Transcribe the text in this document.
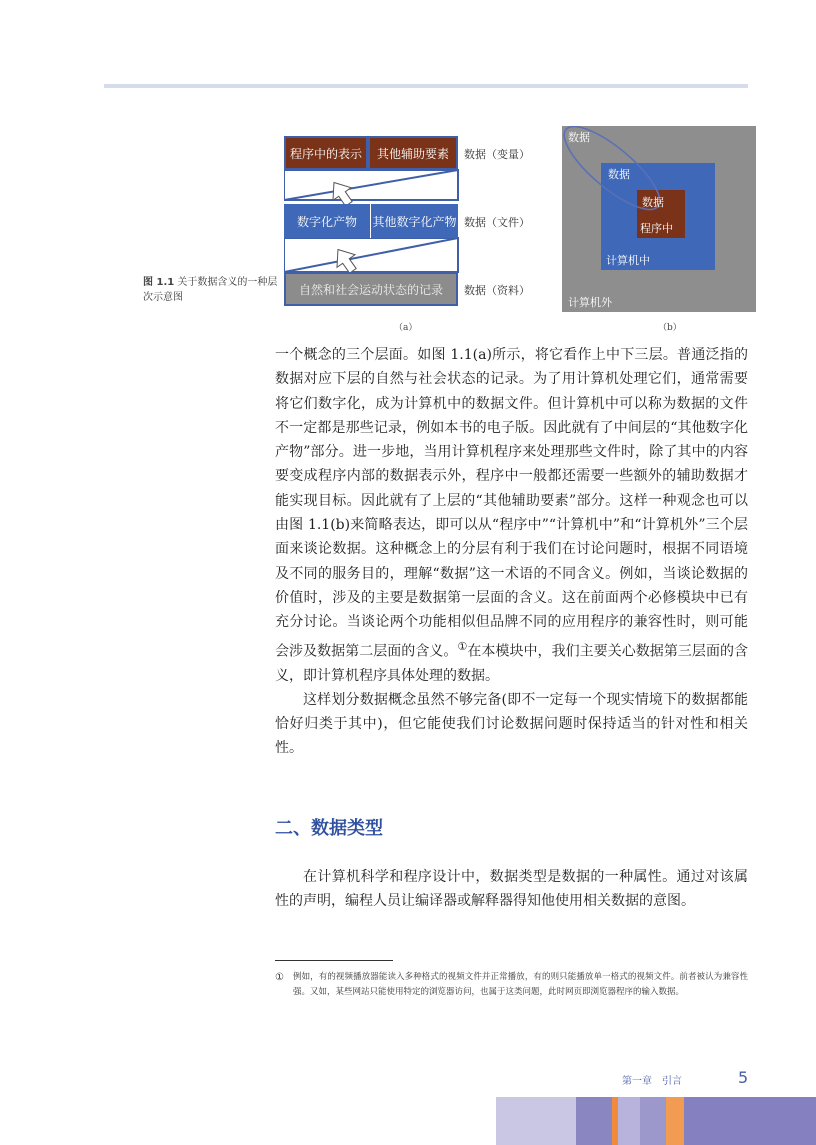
程序中的表示	其他辅助要素
数字化产物	其他数字化产物
自然和社会运动状态的记录
数据（变量）
数据（文件）
数据（资料）
（a）
数据
数据
数据
程序中
计算机中
计算机外
（b）
图 1.1 关于数据含义的一种层次示意图

一个概念的三个层面。如图 1.1(a)所示，将它看作上中下三层。普通泛指的数据对应下层的自然与社会状态的记录。为了用计算机处理它们，通常需要将它们数字化，成为计算机中的数据文件。但计算机中可以称为数据的文件不一定都是那些记录，例如本书的电子版。因此就有了中间层的“其他数字化产物”部分。进一步地，当用计算机程序来处理那些文件时，除了其中的内容要变成程序内部的数据表示外，程序中一般都还需要一些额外的辅助数据才能实现目标。因此就有了上层的“其他辅助要素”部分。这样一种观念也可以由图 1.1(b)来简略表达，即可以从“程序中”“计算机中”和“计算机外”三个层面来谈论数据。这种概念上的分层有利于我们在讨论问题时，根据不同语境及不同的服务目的，理解“数据”这一术语的不同含义。例如，当谈论数据的价值时，涉及的主要是数据第一层面的含义。这在前面两个必修模块中已有充分讨论。当谈论两个功能相似但品牌不同的应用程序的兼容性时，则可能会涉及数据第二层面的含义。①在本模块中，我们主要关心数据第三层面的含义，即计算机程序具体处理的数据。

这样划分数据概念虽然不够完备(即不一定每一个现实情境下的数据都能恰好归类于其中)，但它能使我们讨论数据问题时保持适当的针对性和相关性。

二、数据类型

在计算机科学和程序设计中，数据类型是数据的一种属性。通过对该属性的声明，编程人员让编译器或解释器得知他使用相关数据的意图。

① 例如，有的视频播放器能读入多种格式的视频文件并正常播放，有的则只能播放单一格式的视频文件。前者被认为兼容性强。又如，某些网站只能使用特定的浏览器访问，也属于这类问题，此时网页即浏览器程序的输入数据。
第一章　引言	5
